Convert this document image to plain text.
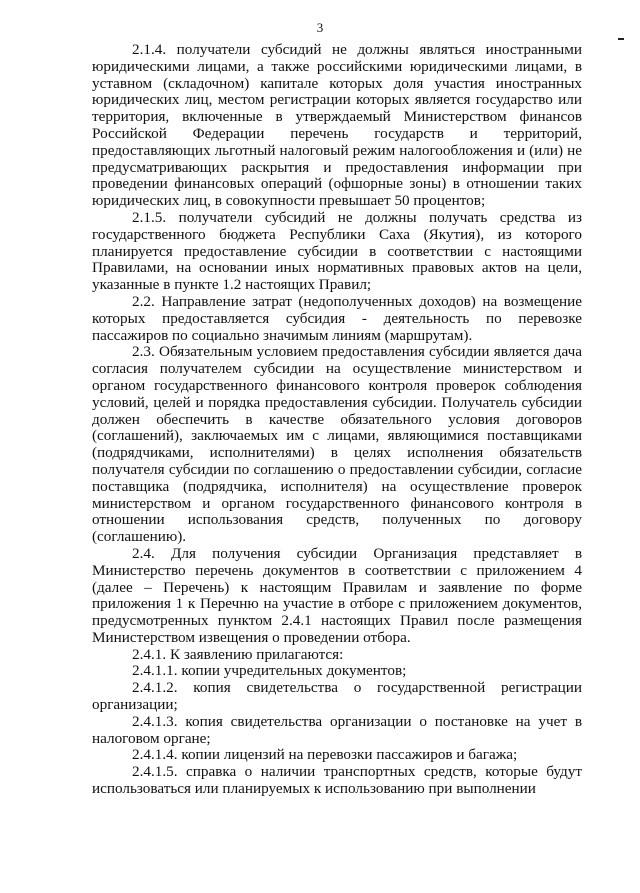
3

2.1.4. получатели субсидий не должны являться иностранными юридическими лицами, а также российскими юридическими лицами, в уставном (складочном) капитале которых доля участия иностранных юридических лиц, местом регистрации которых является государство или территория, включенные в утверждаемый Министерством финансов Российской Федерации перечень государств и территорий, предоставляющих льготный налоговый режим налогообложения и (или) не предусматривающих раскрытия и предоставления информации при проведении финансовых операций (офшорные зоны) в отношении таких юридических лиц, в совокупности превышает 50 процентов;

2.1.5. получатели субсидий не должны получать средства из государственного бюджета Республики Саха (Якутия), из которого планируется предоставление субсидии в соответствии с настоящими Правилами, на основании иных нормативных правовых актов на цели, указанные в пункте 1.2 настоящих Правил;

2.2. Направление затрат (недополученных доходов) на возмещение которых предоставляется субсидия - деятельность по перевозке пассажиров по социально значимым линиям (маршрутам).

2.3. Обязательным условием предоставления субсидии является дача согласия получателем субсидии на осуществление министерством и органом государственного финансового контроля проверок соблюдения условий, целей и порядка предоставления субсидии. Получатель субсидии должен обеспечить в качестве обязательного условия договоров (соглашений), заключаемых им с лицами, являющимися поставщиками (подрядчиками, исполнителями) в целях исполнения обязательств получателя субсидии по соглашению о предоставлении субсидии, согласие поставщика (подрядчика, исполнителя) на осуществление проверок министерством и органом государственного финансового контроля в отношении использования средств, полученных по договору (соглашению).

2.4. Для получения субсидии Организация представляет в Министерство перечень документов в соответствии с приложением 4 (далее – Перечень) к настоящим Правилам и заявление по форме приложения 1 к Перечню на участие в отборе с приложением документов, предусмотренных пунктом 2.4.1 настоящих Правил после размещения Министерством извещения о проведении отбора.

2.4.1. К заявлению прилагаются:

2.4.1.1. копии учредительных документов;

2.4.1.2. копия свидетельства о государственной регистрации организации;

2.4.1.3. копия свидетельства организации о постановке на учет в налоговом органе;

2.4.1.4. копии лицензий на перевозки пассажиров и багажа;

2.4.1.5. справка о наличии транспортных средств, которые будут использоваться или планируемых к использованию при выполнении
